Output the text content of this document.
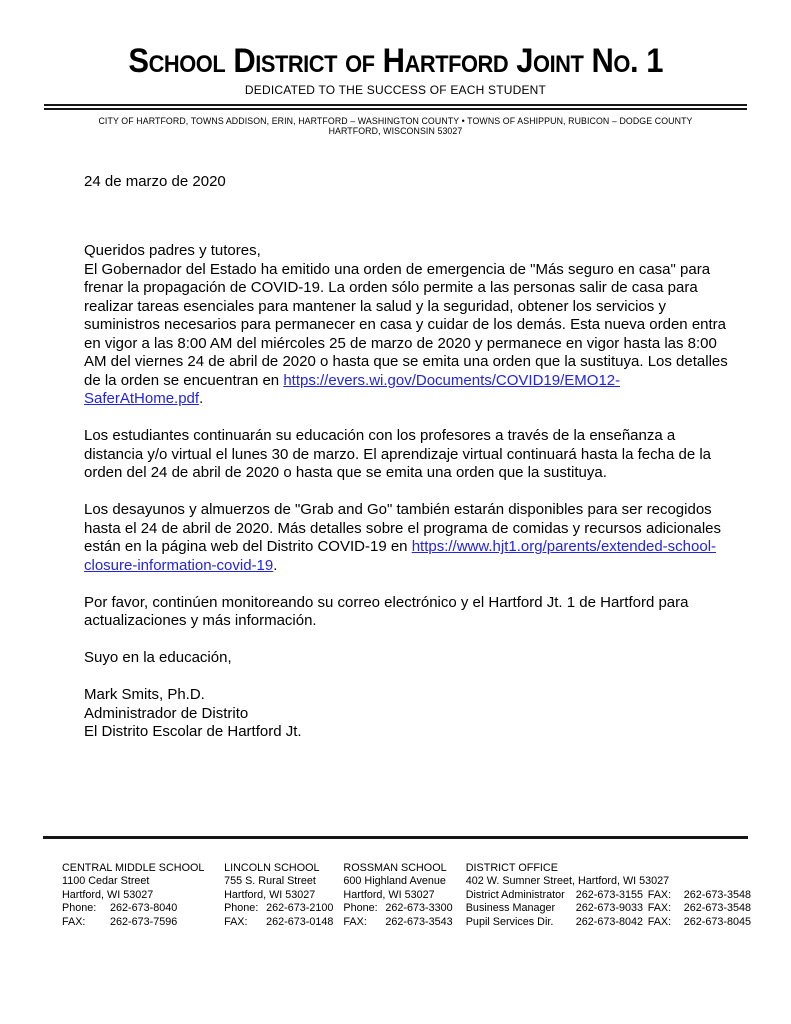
School District of Hartford Joint No. 1
DEDICATED TO THE SUCCESS OF EACH STUDENT
CITY OF HARTFORD, TOWNS ADDISON, ERIN, HARTFORD – WASHINGTON COUNTY • TOWNS OF ASHIPPUN, RUBICON – DODGE COUNTY
HARTFORD, WISCONSIN 53027
24 de marzo de 2020

Queridos padres y tutores,

El Gobernador del Estado ha emitido una orden de emergencia de "Más seguro en casa" para frenar la propagación de COVID-19. La orden sólo permite a las personas salir de casa para realizar tareas esenciales para mantener la salud y la seguridad, obtener los servicios y suministros necesarios para permanecer en casa y cuidar de los demás. Esta nueva orden entra en vigor a las 8:00 AM del miércoles 25 de marzo de 2020 y permanece en vigor hasta las 8:00 AM del viernes 24 de abril de 2020 o hasta que se emita una orden que la sustituya. Los detalles de la orden se encuentran en https://evers.wi.gov/Documents/COVID19/EMO12-SaferAtHome.pdf.

Los estudiantes continuarán su educación con los profesores a través de la enseñanza a distancia y/o virtual el lunes 30 de marzo. El aprendizaje virtual continuará hasta la fecha de la orden del 24 de abril de 2020 o hasta que se emita una orden que la sustituya.

Los desayunos y almuerzos de "Grab and Go" también estarán disponibles para ser recogidos hasta el 24 de abril de 2020. Más detalles sobre el programa de comidas y recursos adicionales están en la página web del Distrito COVID-19 en https://www.hjt1.org/parents/extended-school-closure-information-covid-19.

Por favor, continúen monitoreando su correo electrónico y el Hartford Jt. 1 de Hartford para actualizaciones y más información.

Suyo en la educación,

Mark Smits, Ph.D.
Administrador de Distrito
El Distrito Escolar de Hartford Jt.
CENTRAL MIDDLE SCHOOL
1100 Cedar Street
Hartford, WI 53027
Phone: 262-673-8040
FAX: 262-673-7596
LINCOLN SCHOOL
755 S. Rural Street
Hartford, WI 53027
Phone: 262-673-2100
FAX: 262-673-0148
ROSSMAN SCHOOL
600 Highland Avenue
Hartford, WI 53027
Phone: 262-673-3300
FAX: 262-673-3543
DISTRICT OFFICE
402 W. Sumner Street, Hartford, WI 53027
District Administrator	262-673-3155 FAX:	262-673-3548
Business Manager	262-673-9033 FAX:	262-673-3548
Pupil Services Dir.	262-673-8042 FAX:	262-673-8045
